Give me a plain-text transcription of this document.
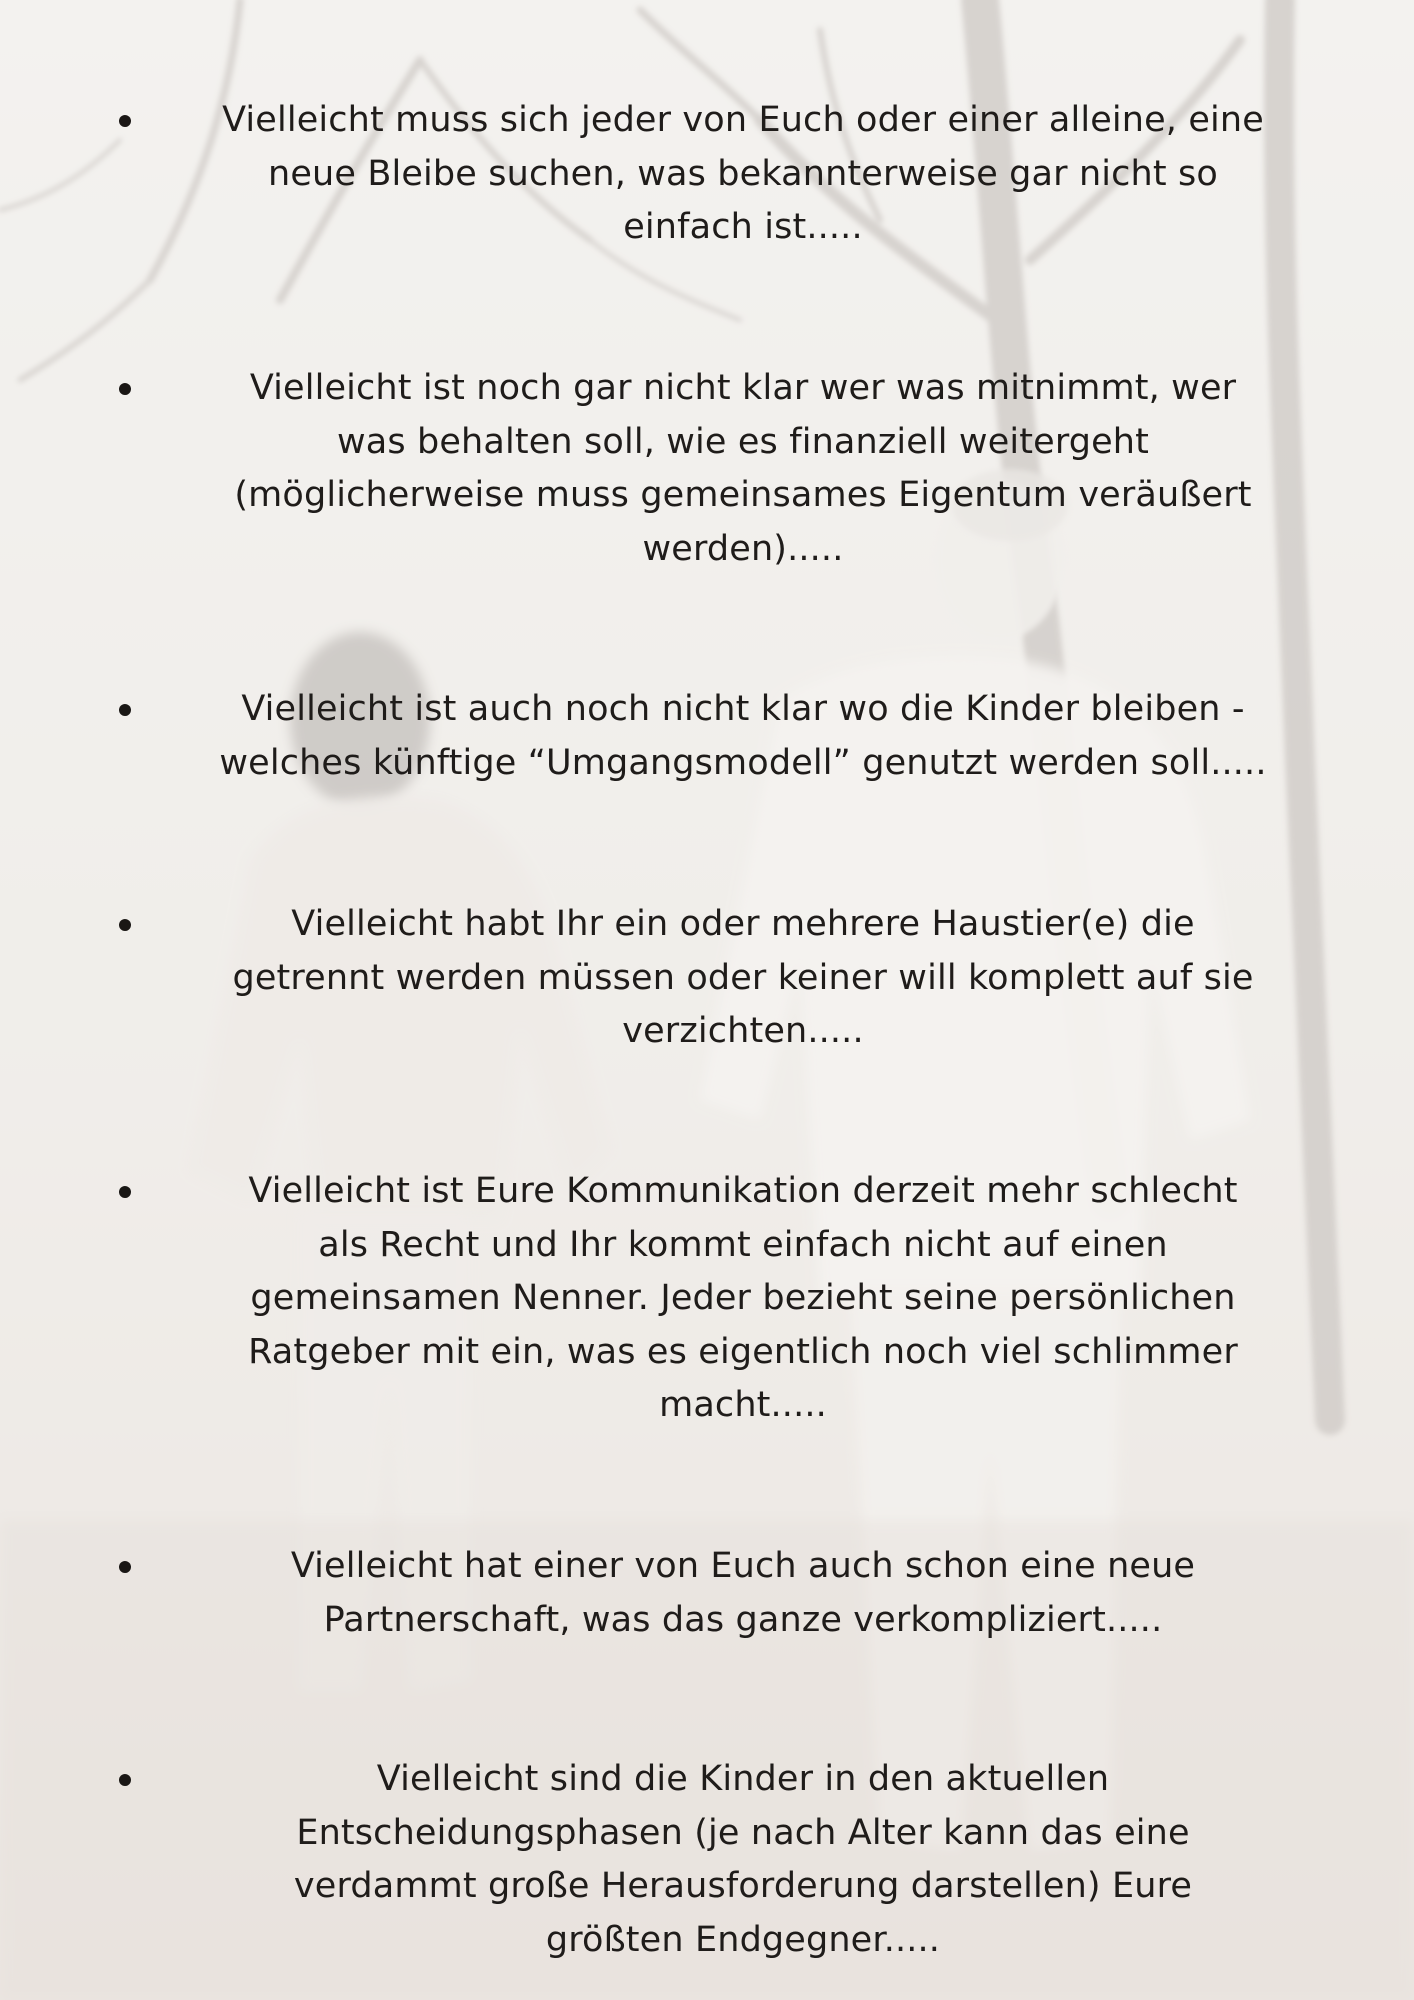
Vielleicht muss sich jeder von Euch oder einer alleine, eine
neue Bleibe suchen, was bekannterweise gar nicht so
einfach ist.....

Vielleicht ist noch gar nicht klar wer was mitnimmt, wer
was behalten soll, wie es finanziell weitergeht
(möglicherweise muss gemeinsames Eigentum veräußert
werden).....

Vielleicht ist auch noch nicht klar wo die Kinder bleiben -
welches künftige “Umgangsmodell” genutzt werden soll.....

Vielleicht habt Ihr ein oder mehrere Haustier(e) die
getrennt werden müssen oder keiner will komplett auf sie
verzichten.....

Vielleicht ist Eure Kommunikation derzeit mehr schlecht
als Recht und Ihr kommt einfach nicht auf einen
gemeinsamen Nenner. Jeder bezieht seine persönlichen
Ratgeber mit ein, was es eigentlich noch viel schlimmer
macht.....

Vielleicht hat einer von Euch auch schon eine neue
Partnerschaft, was das ganze verkompliziert.....

Vielleicht sind die Kinder in den aktuellen
Entscheidungsphasen (je nach Alter kann das eine
verdammt große Herausforderung darstellen) Eure
größten Endgegner.....
